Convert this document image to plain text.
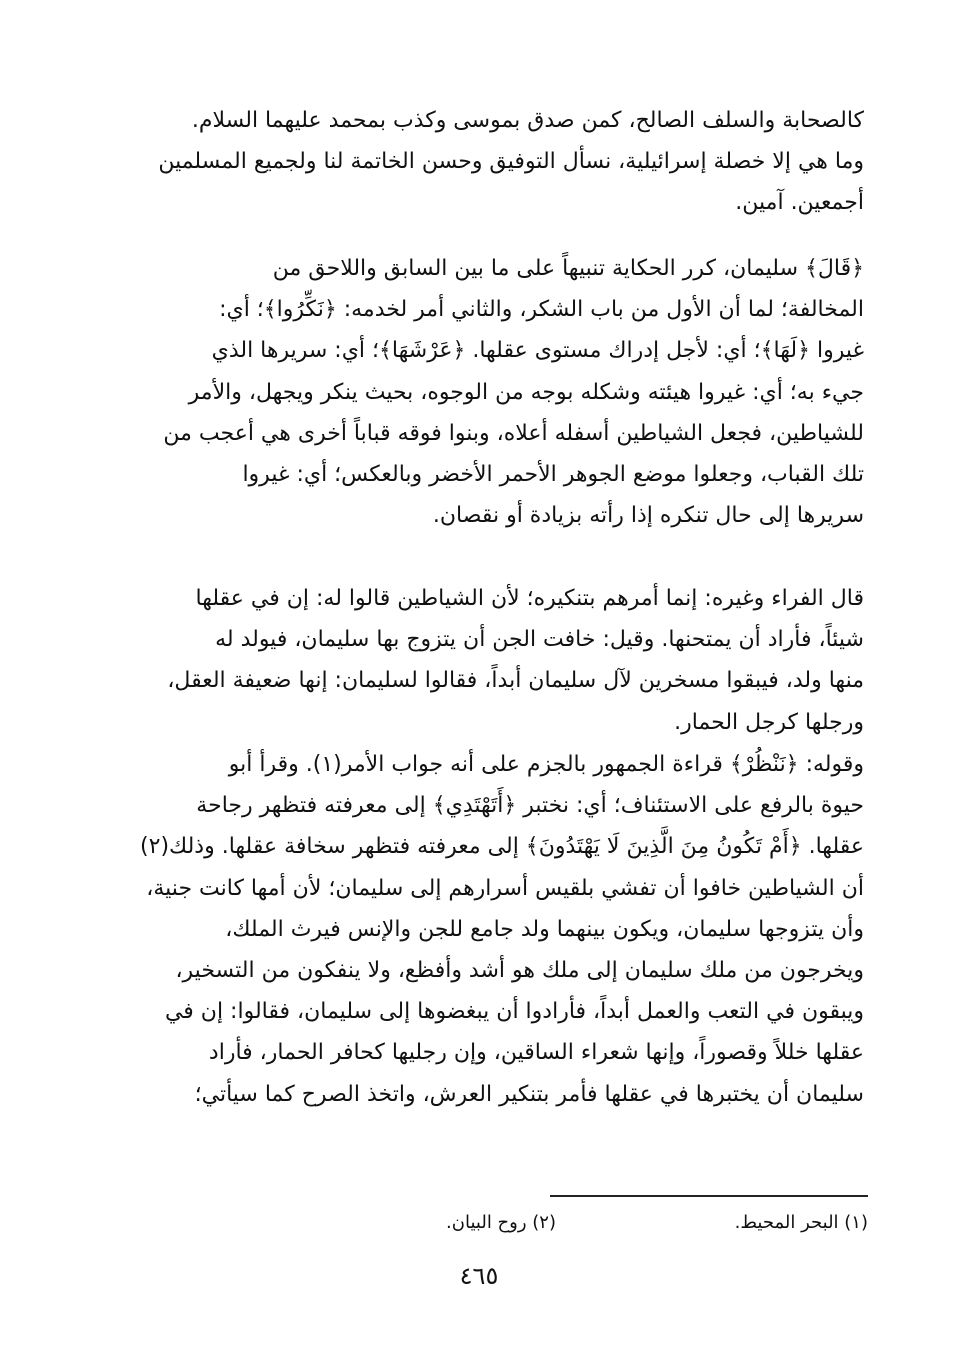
كالصحابة والسلف الصالح، كمن صدق بموسى وكذب بمحمد عليهما السلام.
وما هي إلا خصلة إسرائيلية، نسأل التوفيق وحسن الخاتمة لنا ولجميع المسلمين
أجمعين. آمين.
﴿قَالَ﴾ سليمان، كرر الحكاية تنبيهاً على ما بين السابق واللاحق من
المخالفة؛ لما أن الأول من باب الشكر، والثاني أمر لخدمه: ﴿نَكِّرُوا﴾؛ أي:
غيروا ﴿لَهَا﴾؛ أي: لأجل إدراك مستوى عقلها. ﴿عَرْشَهَا﴾؛ أي: سريرها الذي
جيء به؛ أي: غيروا هيئته وشكله بوجه من الوجوه، بحيث ينكر ويجهل، والأمر
للشياطين، فجعل الشياطين أسفله أعلاه، وبنوا فوقه قباباً أخرى هي أعجب من
تلك القباب، وجعلوا موضع الجوهر الأحمر الأخضر وبالعكس؛ أي: غيروا
سريرها إلى حال تنكره إذا رأته بزيادة أو نقصان.
قال الفراء وغيره: إنما أمرهم بتنكيره؛ لأن الشياطين قالوا له: إن في عقلها
شيئاً، فأراد أن يمتحنها. وقيل: خافت الجن أن يتزوج بها سليمان، فيولد له
منها ولد، فيبقوا مسخرين لآل سليمان أبداً، فقالوا لسليمان: إنها ضعيفة العقل،
ورجلها كرجل الحمار.
وقوله: ﴿نَنْظُرْ﴾ قراءة الجمهور بالجزم على أنه جواب الأمر(١). وقرأ أبو
حيوة بالرفع على الاستئناف؛ أي: نختبر ﴿أَتَهْتَدِي﴾ إلى معرفته فتظهر رجاحة
عقلها. ﴿أَمْ تَكُونُ مِنَ الَّذِينَ لَا يَهْتَدُونَ﴾ إلى معرفته فتظهر سخافة عقلها. وذلك(٢)
أن الشياطين خافوا أن تفشي بلقيس أسرارهم إلى سليمان؛ لأن أمها كانت جنية،
وأن يتزوجها سليمان، ويكون بينهما ولد جامع للجن والإنس فيرث الملك،
ويخرجون من ملك سليمان إلى ملك هو أشد وأفظع، ولا ينفكون من التسخير،
ويبقون في التعب والعمل أبداً، فأرادوا أن يبغضوها إلى سليمان، فقالوا: إن في
عقلها خللاً وقصوراً، وإنها شعراء الساقين، وإن رجليها كحافر الحمار، فأراد
سليمان أن يختبرها في عقلها فأمر بتنكير العرش، واتخذ الصرح كما سيأتي؛
(١) البحر المحيط.
(٢) روح البيان.
٤٦٥
